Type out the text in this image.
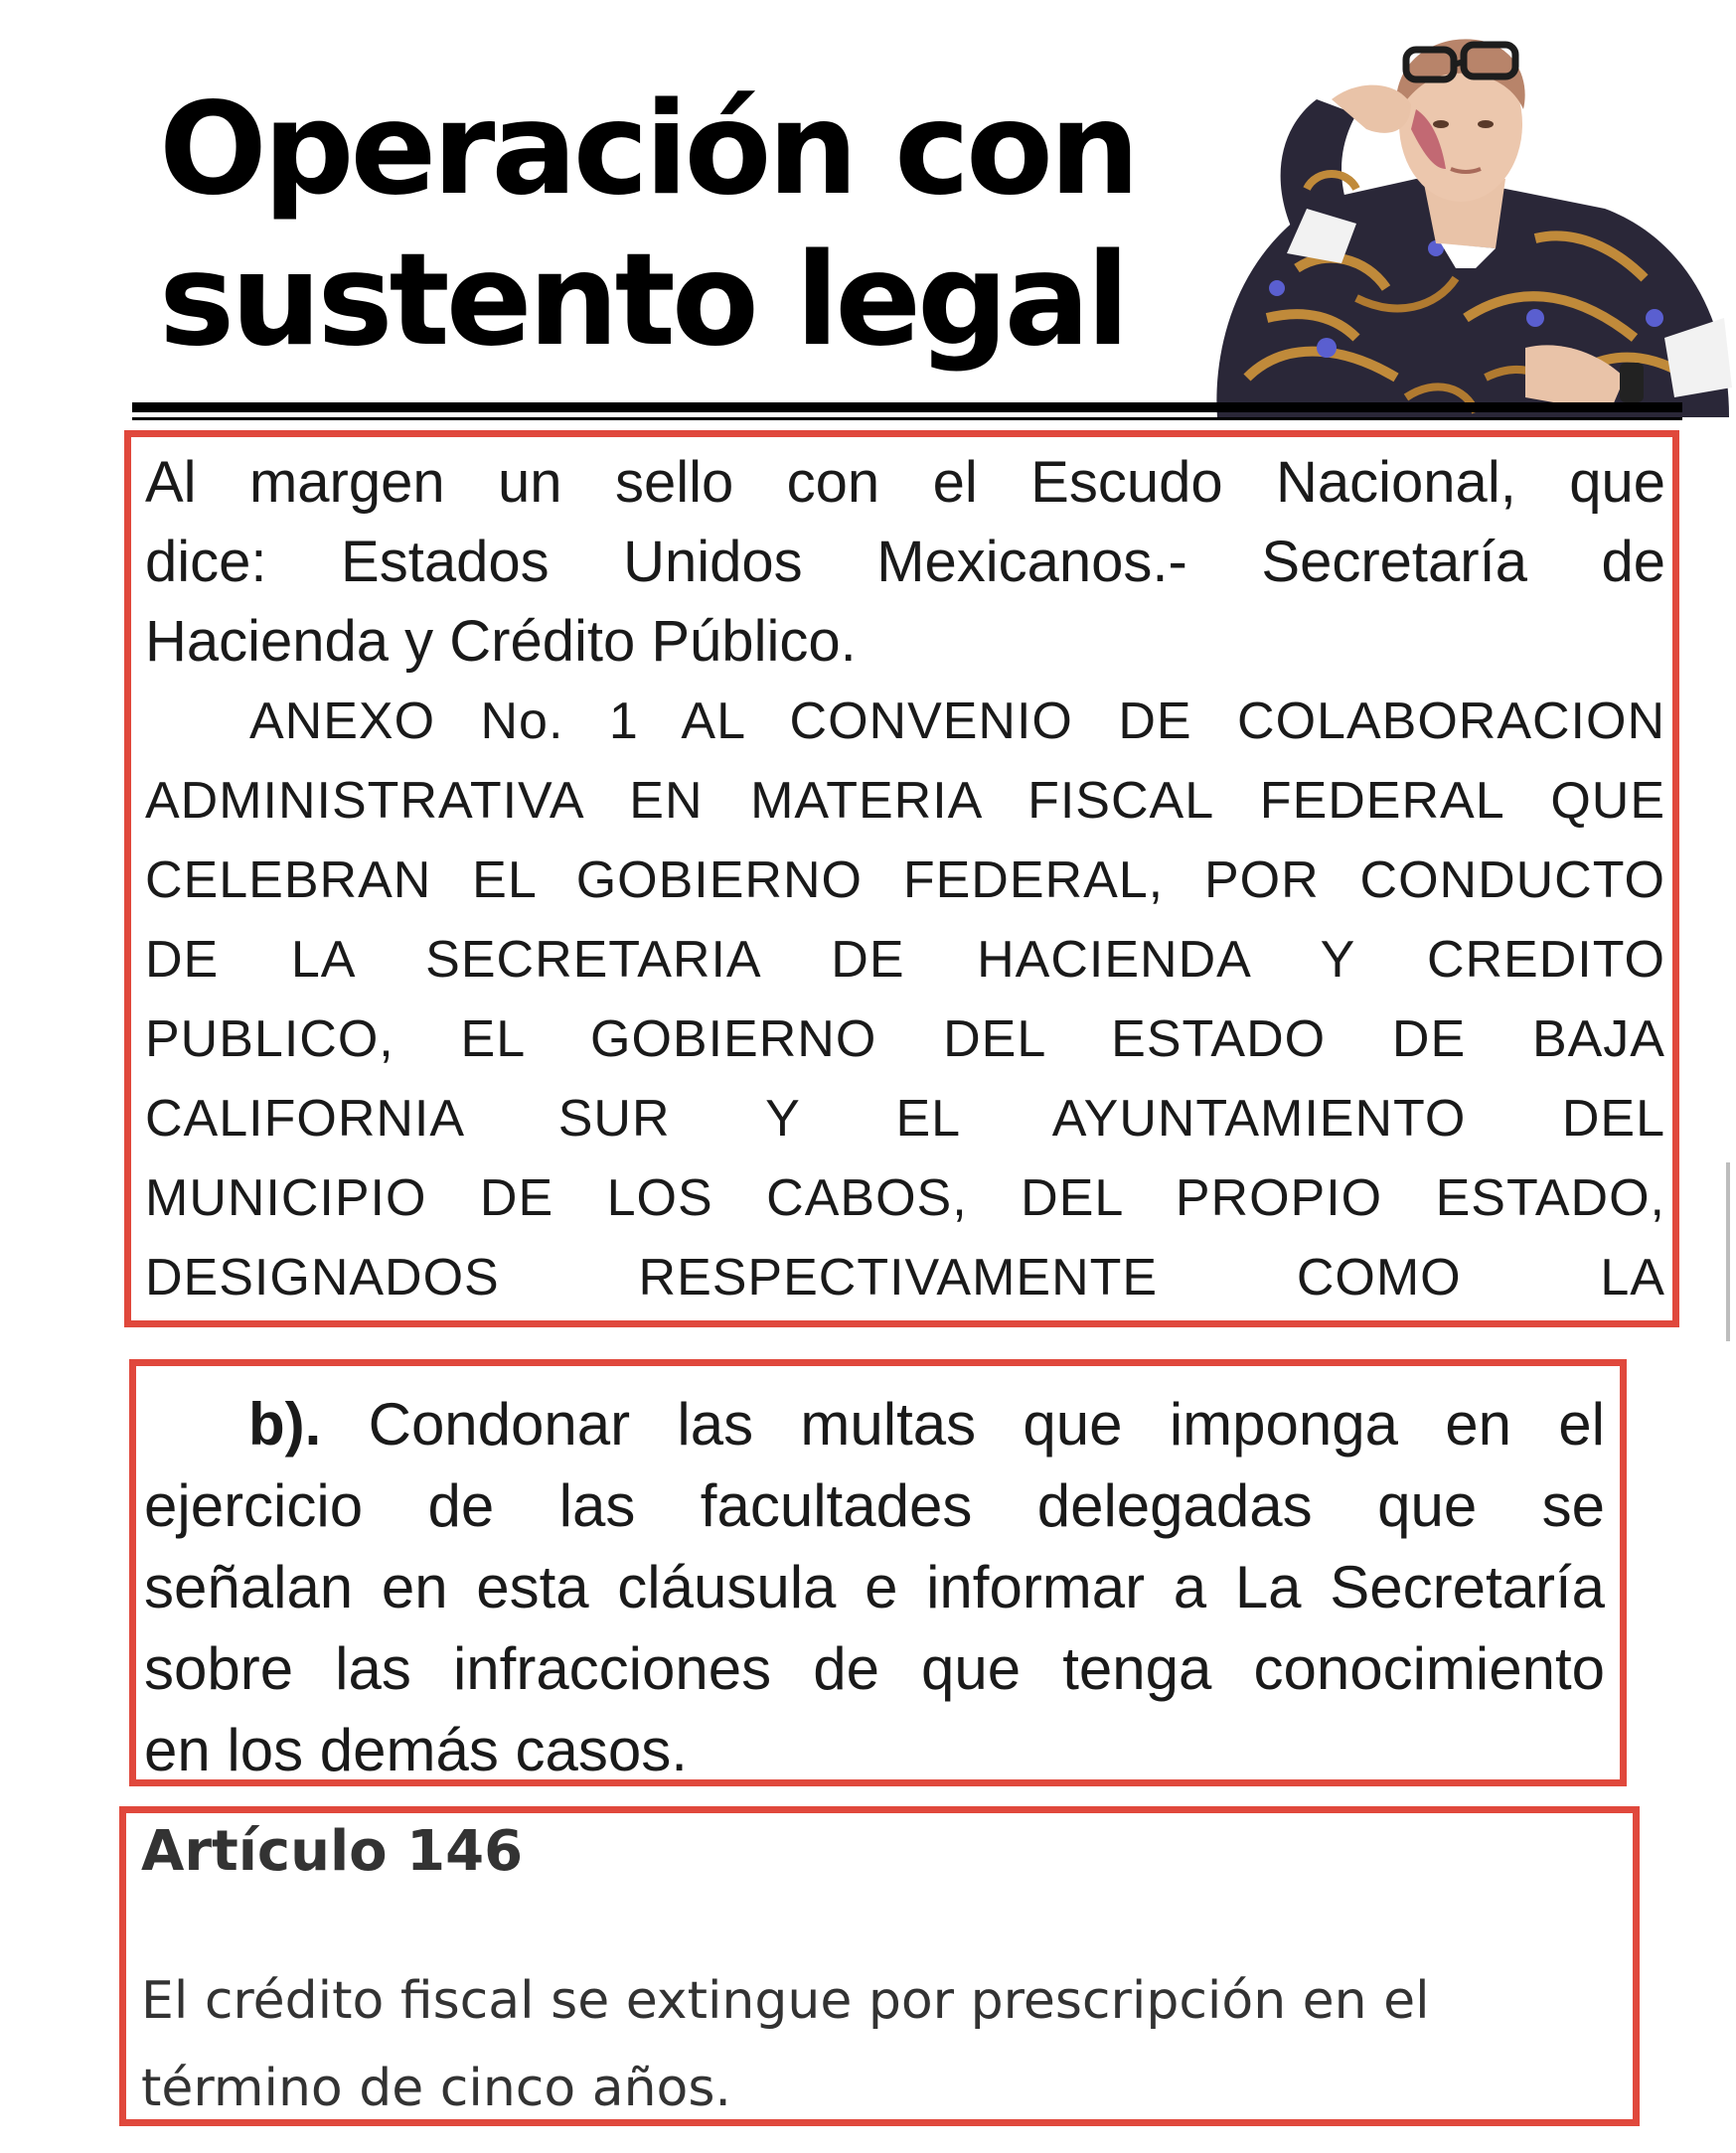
Operación con
sustento legal

Al margen un sello con el Escudo Nacional, que
dice: Estados Unidos Mexicanos.- Secretaría de
Hacienda y Crédito Público.

ANEXO No. 1 AL CONVENIO DE COLABORACION
ADMINISTRATIVA EN MATERIA FISCAL FEDERAL QUE
CELEBRAN EL GOBIERNO FEDERAL, POR CONDUCTO
DE LA SECRETARIA DE HACIENDA Y CREDITO
PUBLICO, EL GOBIERNO DEL ESTADO DE BAJA
CALIFORNIA SUR Y EL AYUNTAMIENTO DEL
MUNICIPIO DE LOS CABOS, DEL PROPIO ESTADO,
DESIGNADOS RESPECTIVAMENTE COMO LA

b). Condonar las multas que imponga en el
ejercicio de las facultades delegadas que se
señalan en esta cláusula e informar a La Secretaría
sobre las infracciones de que tenga conocimiento
en los demás casos.

Artículo 146
El crédito fiscal se extingue por prescripción en el término de cinco años.
